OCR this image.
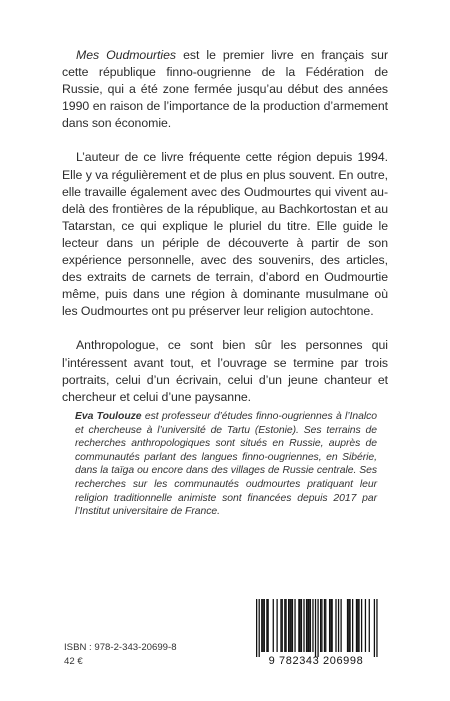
Mes Oudmourties est le premier livre en français sur cette république finno-ougrienne de la Fédération de Russie, qui a été zone fermée jusqu’au début des années 1990 en raison de l’importance de la production d’armement dans son économie.

L’auteur de ce livre fréquente cette région depuis 1994. Elle y va régulièrement et de plus en plus souvent. En outre, elle travaille également avec des Oudmourtes qui vivent au-delà des frontières de la république, au Bachkortostan et au Tatarstan, ce qui explique le pluriel du titre. Elle guide le lecteur dans un périple de découverte à partir de son expérience personnelle, avec des souvenirs, des articles, des extraits de carnets de terrain, d’abord en Oudmourtie même, puis dans une région à dominante musulmane où les Oudmourtes ont pu préserver leur religion autochtone.

Anthropologue, ce sont bien sûr les personnes qui l’intéressent avant tout, et l’ouvrage se termine par trois portraits, celui d’un écrivain, celui d’un jeune chanteur et chercheur et celui d’une paysanne.

Eva Toulouze est professeur d’études finno-ougriennes à l’Inalco et chercheuse à l’université de Tartu (Estonie). Ses terrains de recherches anthropologiques sont situés en Russie, auprès de communautés parlant des langues finno-ougriennes, en Sibérie, dans la taïga ou encore dans des villages de Russie centrale. Ses recherches sur les communautés oudmourtes pratiquant leur religion traditionnelle animiste sont financées depuis 2017 par l’Institut universitaire de France.

ISBN : 978-2-343-20699-8
42 €	9 782343 206998
